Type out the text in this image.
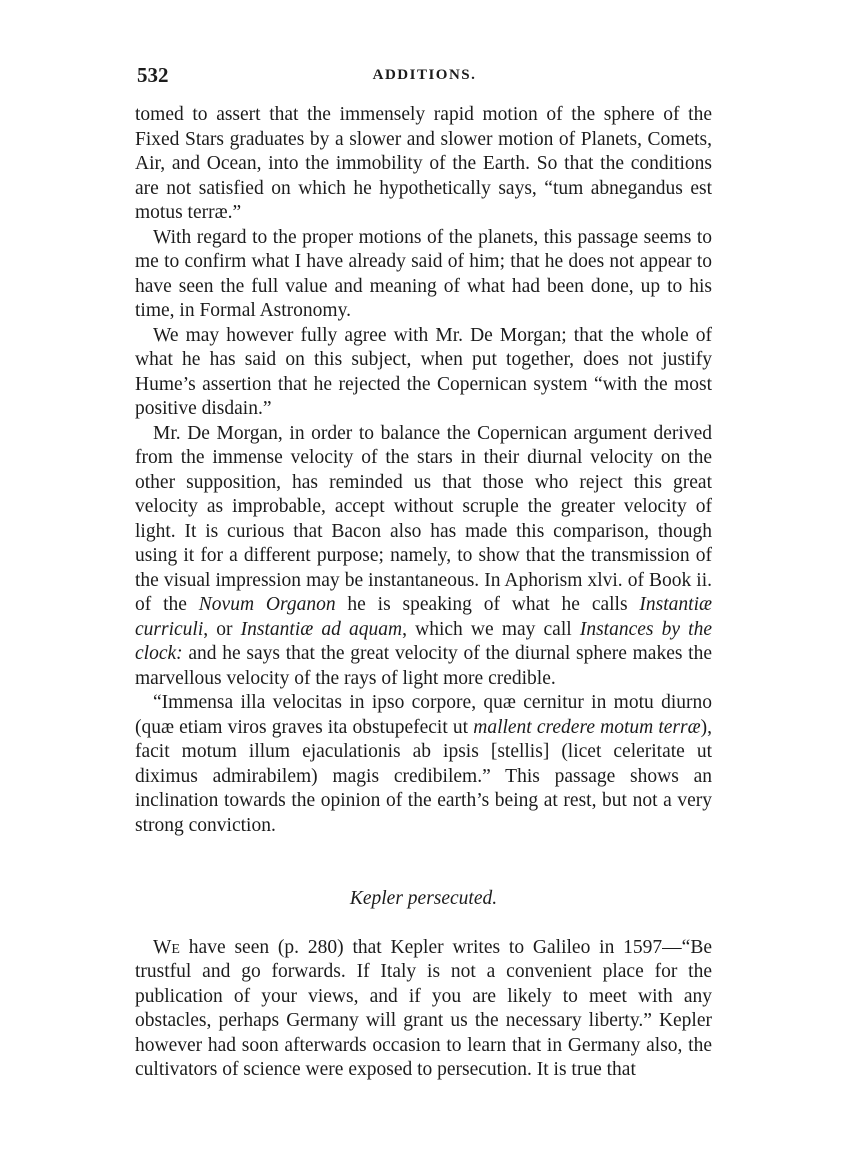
532	ADDITIONS.

tomed to assert that the immensely rapid motion of the sphere of the Fixed Stars graduates by a slower and slower motion of Planets, Comets, Air, and Ocean, into the immobility of the Earth. So that the conditions are not satisfied on which he hypothetically says, “tum abnegandus est motus terræ.”

With regard to the proper motions of the planets, this passage seems to me to confirm what I have already said of him; that he does not appear to have seen the full value and meaning of what had been done, up to his time, in Formal Astronomy.

We may however fully agree with Mr. De Morgan; that the whole of what he has said on this subject, when put together, does not justify Hume’s assertion that he rejected the Copernican system “with the most positive disdain.”

Mr. De Morgan, in order to balance the Copernican argument derived from the immense velocity of the stars in their diurnal velocity on the other supposition, has reminded us that those who reject this great velocity as improbable, accept without scruple the greater velocity of light. It is curious that Bacon also has made this comparison, though using it for a different purpose; namely, to show that the transmission of the visual impression may be instantaneous. In Aphorism xlvi. of Book ii. of the Novum Organon he is speaking of what he calls Instantiæ curriculi, or Instantiæ ad aquam, which we may call Instances by the clock: and he says that the great velocity of the diurnal sphere makes the marvellous velocity of the rays of light more credible.

“Immensa illa velocitas in ipso corpore, quæ cernitur in motu diurno (quæ etiam viros graves ita obstupefecit ut mallent credere motum terræ), facit motum illum ejaculationis ab ipsis [stellis] (licet celeritate ut diximus admirabilem) magis credibilem.” This passage shows an inclination towards the opinion of the earth’s being at rest, but not a very strong conviction.

Kepler persecuted.

We have seen (p. 280) that Kepler writes to Galileo in 1597—“Be trustful and go forwards. If Italy is not a convenient place for the publication of your views, and if you are likely to meet with any obstacles, perhaps Germany will grant us the necessary liberty.” Kepler however had soon afterwards occasion to learn that in Germany also, the cultivators of science were exposed to persecution. It is true that
